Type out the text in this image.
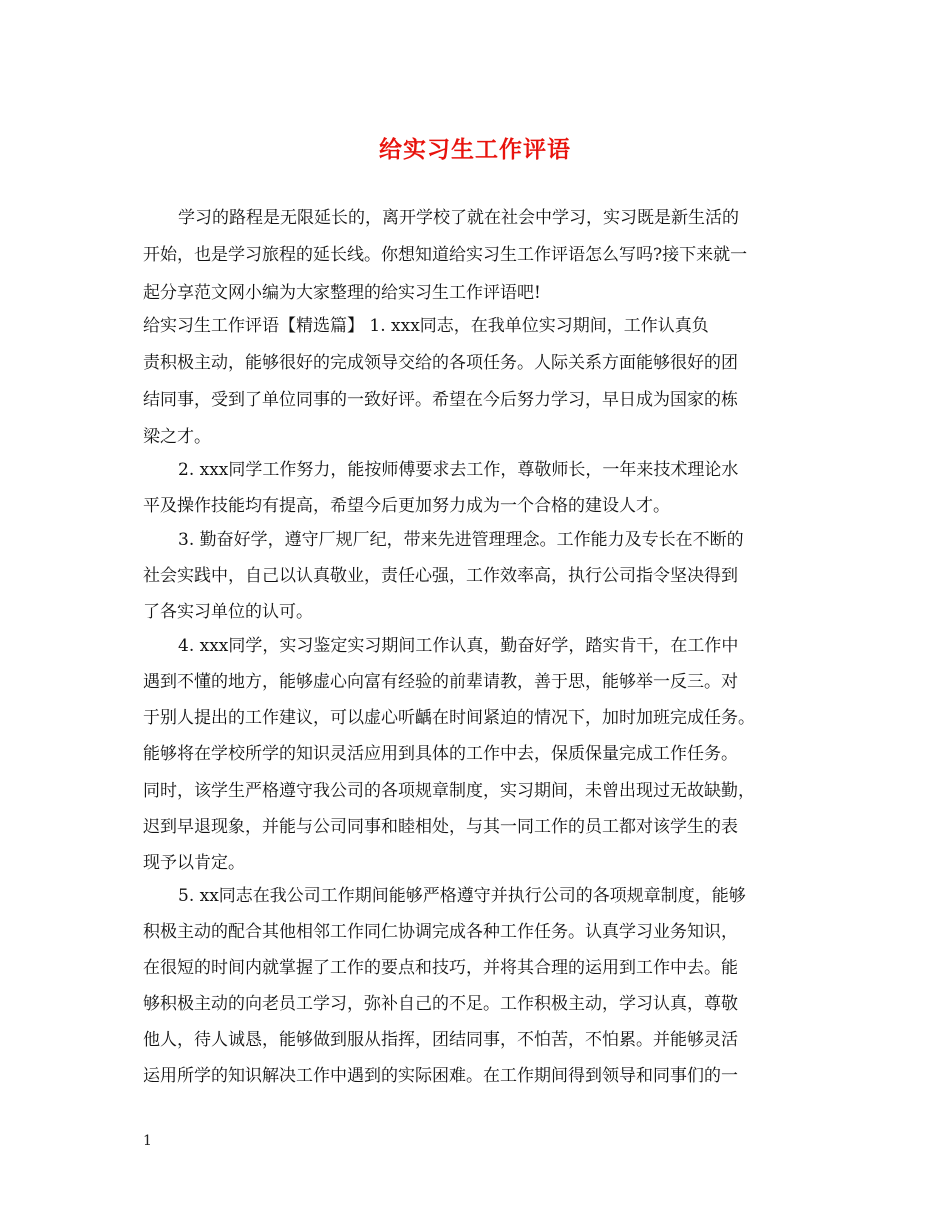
给实习生工作评语
学习的路程是无限延长的，离开学校了就在社会中学习，实习既是新生活的
开始，也是学习旅程的延长线。你想知道给实习生工作评语怎么写吗?接下来就一
起分享范文网小编为大家整理的给实习生工作评语吧!
给实习生工作评语【精选篇】 1. xxx同志，在我单位实习期间，工作认真负
责积极主动，能够很好的完成领导交给的各项任务。人际关系方面能够很好的团
结同事，受到了单位同事的一致好评。希望在今后努力学习，早日成为国家的栋
梁之才。
2. xxx同学工作努力，能按师傅要求去工作，尊敬师长，一年来技术理论水
平及操作技能均有提高，希望今后更加努力成为一个合格的建设人才。
3. 勤奋好学，遵守厂规厂纪，带来先进管理理念。工作能力及专长在不断的
社会实践中，自己以认真敬业，责任心强，工作效率高，执行公司指令坚决得到
了各实习单位的认可。
4. xxx同学，实习鉴定实习期间工作认真，勤奋好学，踏实肯干，在工作中
遇到不懂的地方，能够虚心向富有经验的前辈请教，善于思，能够举一反三。对
于别人提出的工作建议，可以虚心听齲在时间紧迫的情况下，加时加班完成任务。
能够将在学校所学的知识灵活应用到具体的工作中去，保质保量完成工作任务。
同时，该学生严格遵守我公司的各项规章制度，实习期间，未曾出现过无故缺勤，
迟到早退现象，并能与公司同事和睦相处，与其一同工作的员工都对该学生的表
现予以肯定。
5. xx同志在我公司工作期间能够严格遵守并执行公司的各项规章制度，能够
积极主动的配合其他相邻工作同仁协调完成各种工作任务。认真学习业务知识，
在很短的时间内就掌握了工作的要点和技巧，并将其合理的运用到工作中去。能
够积极主动的向老员工学习，弥补自己的不足。工作积极主动，学习认真，尊敬
他人，待人诚恳，能够做到服从指挥，团结同事，不怕苦，不怕累。并能够灵活
运用所学的知识解决工作中遇到的实际困难。在工作期间得到领导和同事们的一
1
